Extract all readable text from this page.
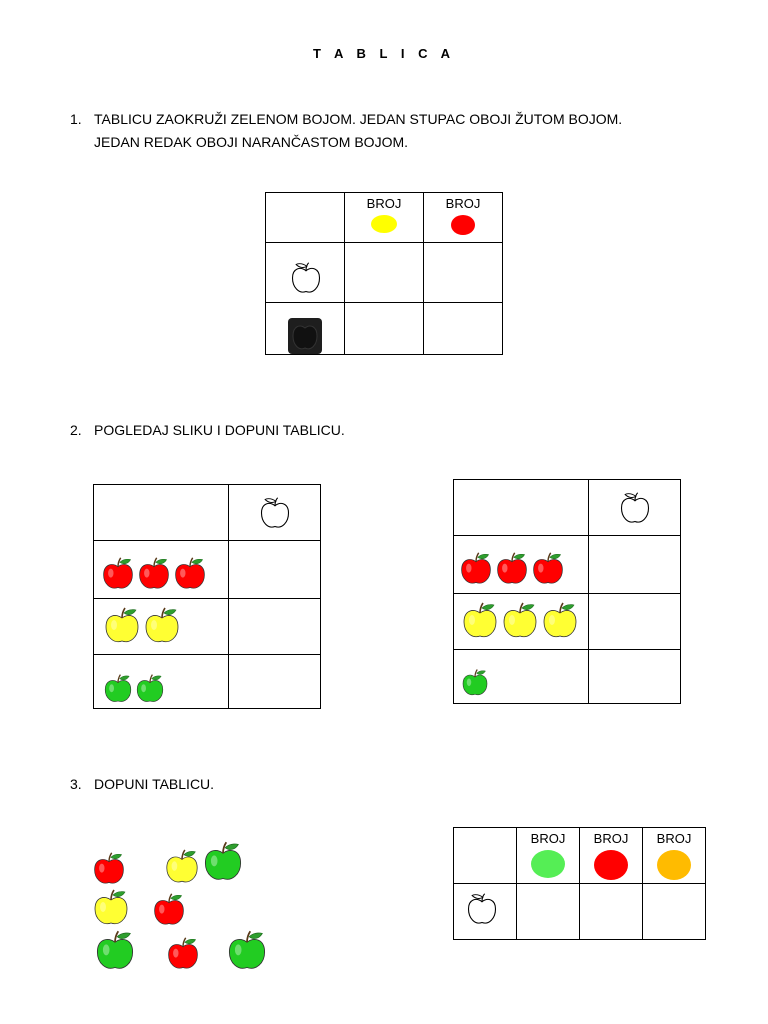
T A B L I C A
1. TABLICU ZAOKRUŽI ZELENOM BOJOM. JEDAN STUPAC OBOJI ŽUTOM BOJOM.
JEDAN REDAK OBOJI NARANČASTOM BOJOM.

	BROJ	BROJ

2. POGLEDAJ SLIKU I DOPUNI TABLICU.

3. DOPUNI TABLICU.

	BROJ	BROJ	BROJ
